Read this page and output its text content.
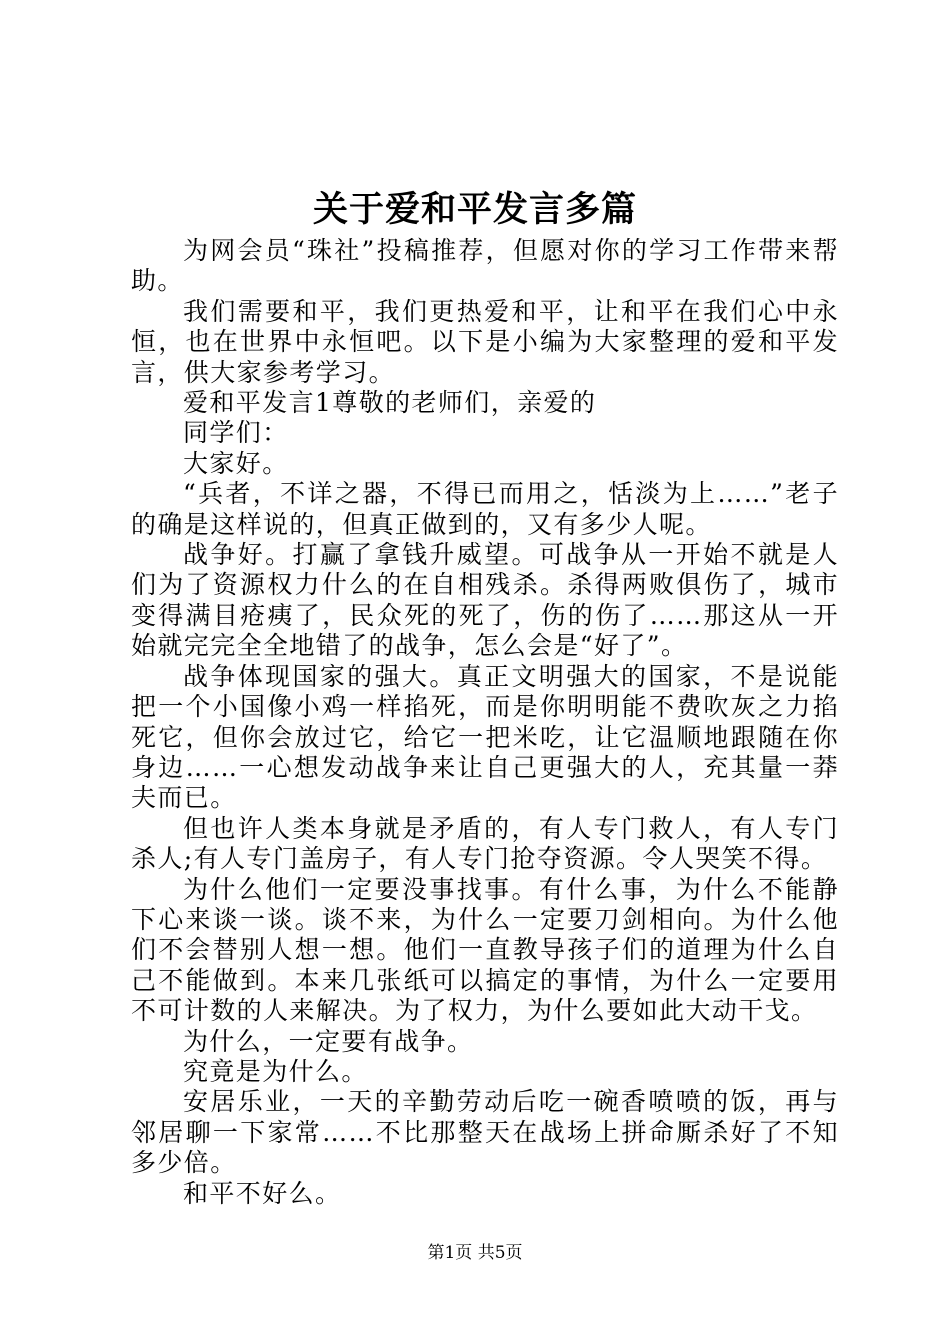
关于爱和平发言多篇

为网会员“珠社”投稿推荐，但愿对你的学习工作带来帮助。

我们需要和平，我们更热爱和平，让和平在我们心中永恒，也在世界中永恒吧。以下是小编为大家整理的爱和平发言，供大家参考学习。

爱和平发言1尊敬的老师们，亲爱的

同学们：

大家好。

“兵者，不详之器，不得已而用之，恬淡为上……”老子的确是这样说的，但真正做到的，又有多少人呢。

战争好。打赢了拿钱升威望。可战争从一开始不就是人们为了资源权力什么的在自相残杀。杀得两败俱伤了，城市变得满目疮痍了，民众死的死了，伤的伤了……那这从一开始就完完全全地错了的战争，怎么会是“好了”。

战争体现国家的强大。真正文明强大的国家，不是说能把一个小国像小鸡一样掐死，而是你明明能不费吹灰之力掐死它，但你会放过它，给它一把米吃，让它温顺地跟随在你身边……一心想发动战争来让自己更强大的人，充其量一莽夫而已。

但也许人类本身就是矛盾的，有人专门救人，有人专门杀人;有人专门盖房子，有人专门抢夺资源。令人哭笑不得。

为什么他们一定要没事找事。有什么事，为什么不能静下心来谈一谈。谈不来，为什么一定要刀剑相向。为什么他们不会替别人想一想。他们一直教导孩子们的道理为什么自己不能做到。本来几张纸可以搞定的事情，为什么一定要用不可计数的人来解决。为了权力，为什么要如此大动干戈。

为什么，一定要有战争。

究竟是为什么。

安居乐业，一天的辛勤劳动后吃一碗香喷喷的饭，再与邻居聊一下家常……不比那整天在战场上拼命厮杀好了不知多少倍。

和平不好么。

第1页 共5页
